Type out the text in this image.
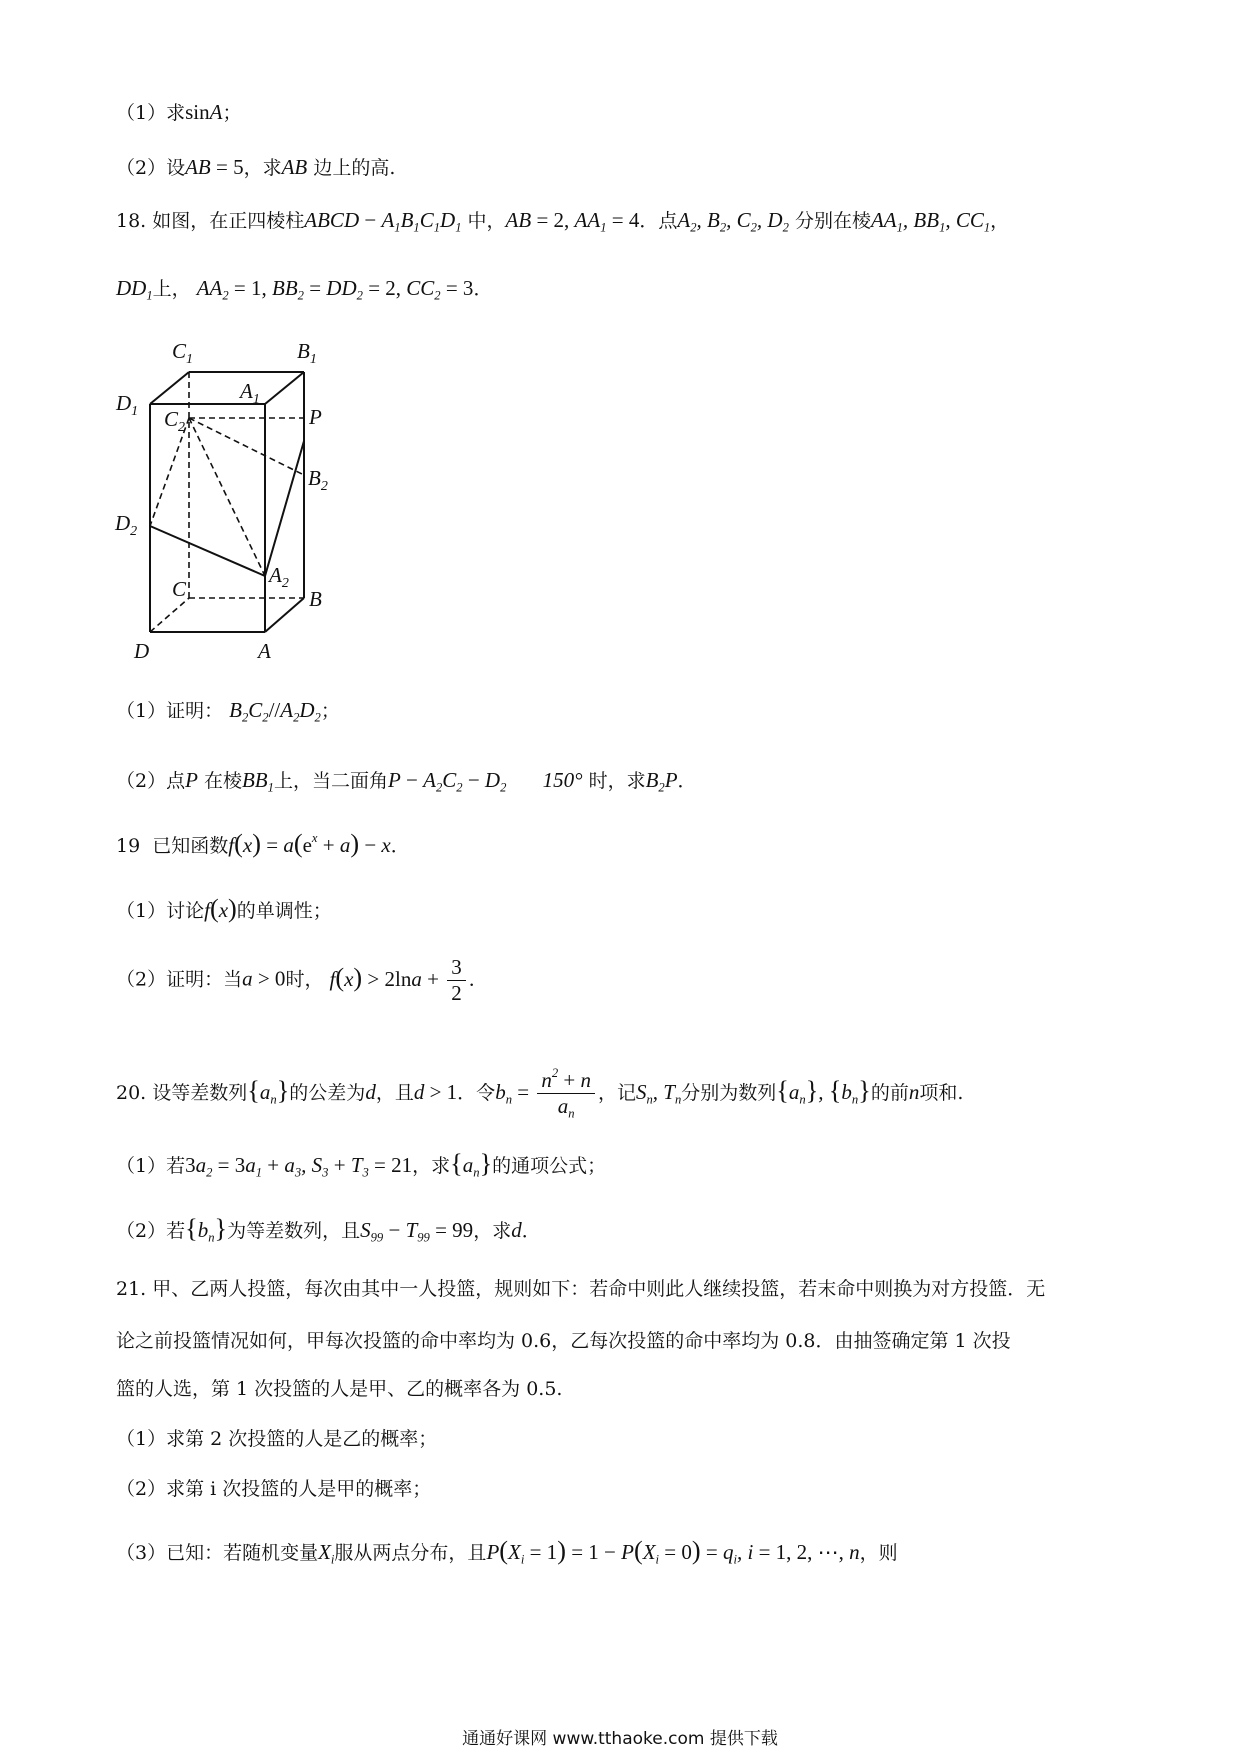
（1）求sinA；
（2）设AB = 5，求AB 边上的高.
18. 如图，在正四棱柱ABCD − $A_1B_1C_1D_1$ 中，AB = 2, $AA_1 = 4$．点$A_2$, $B_2$, $C_2$, $D_2$ 分别在棱$AA_1$, $BB_1$, $CC_1$，
$DD_1$上， $AA_2 = 1$, $BB_2 = DD_2 = 2$, $CC_2 = 3$．
$C_1$	$B_1$
$A_1$
$D_1$ $C_2$	P
$B_2$
$D_2$
C
$A_2$
B
D	A
（1）证明： $B_2C_2//A_2D_2$；
（2）点P 在棱$BB_1$上，当二面角$P - A_2C_2 - D_2$ 150° 时，求$B_2P$．
19 已知函数$f(x) = a(e^x + a) - x$．
（1）讨论f(x)的单调性；
（2）证明：当a > 0时， $f(x) > 2\ln a + \frac{3}{2}$ ．
20. 设等差数列$\{a_n\}$的公差为d，且d > 1．令$b_n = \frac{n^2 + n}{a_n}$ ，记$S_n$, $T_n$分别为数列$\{a_n\}$, $\{b_n\}$的前n项和.
（1）若$3a_2 = 3a_1 + a_3$, $S_3 + T_3 = 21$，求$\{a_n\}$的通项公式；
（2）若$\{b_n\}$为等差数列，且$S_{99} - T_{99} = 99$，求d．
21. 甲、乙两人投篮，每次由其中一人投篮，规则如下：若命中则此人继续投篮，若末命中则换为对方投篮．无
论之前投篮情况如何，甲每次投篮的命中率均为 0.6，乙每次投篮的命中率均为 0.8．由抽签确定第 1 次投
篮的人选，第 1 次投篮的人是甲、乙的概率各为 0.5.
（1）求第 2 次投篮的人是乙的概率；
（2）求第 i 次投篮的人是甲的概率；
（3）已知：若随机变量$X_i$服从两点分布，且$P(X_i = 1) = 1 - P(X_i = 0) = q_i$, i = 1, 2, ⋯, n，则
通通好课网 www.tthaoke.com 提供下载
